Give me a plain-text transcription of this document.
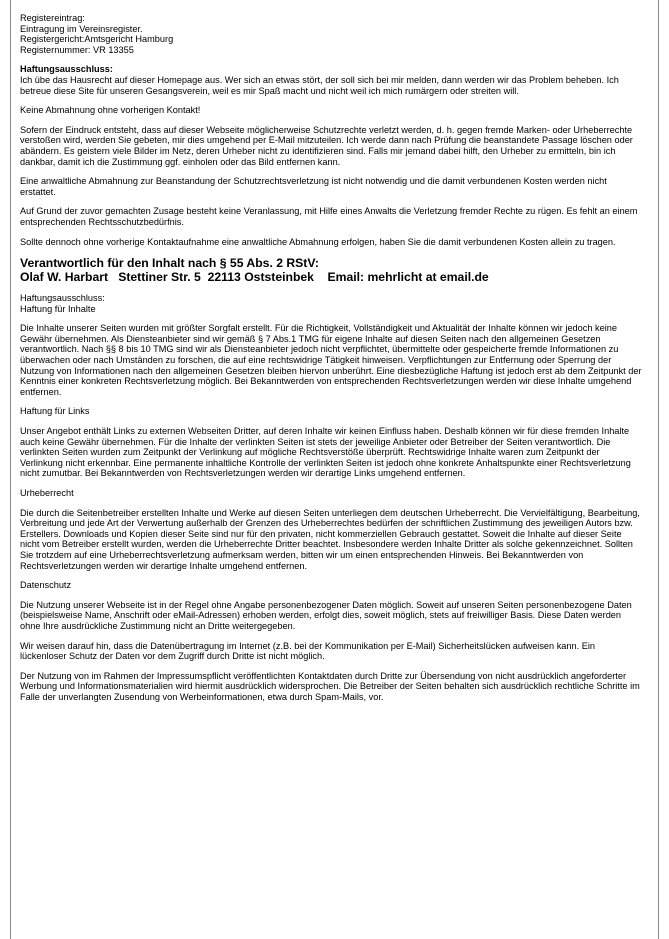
Registereintrag:
Eintragung im Vereinsregister.
Registergericht:Amtsgericht Hamburg
Registernummer: VR 13355

Haftungsausschluss:
Ich übe das Hausrecht auf dieser Homepage aus. Wer sich an etwas stört, der soll sich bei mir melden, dann werden wir das Problem beheben. Ich betreue diese Site für unseren Gesangsverein, weil es mir Spaß macht und nicht weil ich mich rumärgern oder streiten will.

Keine Abmahnung ohne vorherigen Kontakt!

Sofern der Eindruck entsteht, dass auf dieser Webseite möglicherweise Schutzrechte verletzt werden, d. h. gegen fremde Marken- oder Urheberrechte verstoßen wird, werden Sie gebeten, mir dies umgehend per E-Mail mitzuteilen. Ich werde dann nach Prüfung die beanstandete Passage löschen oder abändern. Es geistern viele Bilder im Netz, deren Urheber nicht zu identifizieren sind. Falls mir jemand dabei hilft, den Urheber zu ermitteln, bin ich dankbar, damit ich die Zustimmung ggf. einholen oder das Bild entfernen kann.

Eine anwaltliche Abmahnung zur Beanstandung der Schutzrechtsverletzung ist nicht notwendig und die damit verbundenen Kosten werden nicht erstattet.

Auf Grund der zuvor gemachten Zusage besteht keine Veranlassung, mit Hilfe eines Anwalts die Verletzung fremder Rechte zu rügen. Es fehlt an einem entsprechenden Rechtsschutzbedürfnis.

Sollte dennoch ohne vorherige Kontaktaufnahme eine anwaltliche Abmahnung erfolgen, haben Sie die damit verbundenen Kosten allein zu tragen.

Verantwortlich für den Inhalt nach § 55 Abs. 2 RStV:
Olaf W. Harbart   Stettiner Str. 5  22113 Oststeinbek    Email: mehrlicht at email.de

Haftungsausschluss:
Haftung für Inhalte

Die Inhalte unserer Seiten wurden mit größter Sorgfalt erstellt. Für die Richtigkeit, Vollständigkeit und Aktualität der Inhalte können wir jedoch keine Gewähr übernehmen. Als Diensteanbieter sind wir gemäß § 7 Abs.1 TMG für eigene Inhalte auf diesen Seiten nach den allgemeinen Gesetzen verantwortlich. Nach §§ 8 bis 10 TMG sind wir als Diensteanbieter jedoch nicht verpflichtet, übermittelte oder gespeicherte fremde Informationen zu überwachen oder nach Umständen zu forschen, die auf eine rechtswidrige Tätigkeit hinweisen. Verpflichtungen zur Entfernung oder Sperrung der Nutzung von Informationen nach den allgemeinen Gesetzen bleiben hiervon unberührt. Eine diesbezügliche Haftung ist jedoch erst ab dem Zeitpunkt der Kenntnis einer konkreten Rechtsverletzung möglich. Bei Bekanntwerden von entsprechenden Rechtsverletzungen werden wir diese Inhalte umgehend entfernen.

Haftung für Links

Unser Angebot enthält Links zu externen Webseiten Dritter, auf deren Inhalte wir keinen Einfluss haben. Deshalb können wir für diese fremden Inhalte auch keine Gewähr übernehmen. Für die Inhalte der verlinkten Seiten ist stets der jeweilige Anbieter oder Betreiber der Seiten verantwortlich. Die verlinkten Seiten wurden zum Zeitpunkt der Verlinkung auf mögliche Rechtsverstöße überprüft. Rechtswidrige Inhalte waren zum Zeitpunkt der Verlinkung nicht erkennbar. Eine permanente inhaltliche Kontrolle der verlinkten Seiten ist jedoch ohne konkrete Anhaltspunkte einer Rechtsverletzung nicht zumutbar. Bei Bekanntwerden von Rechtsverletzungen werden wir derartige Links umgehend entfernen.

Urheberrecht

Die durch die Seitenbetreiber erstellten Inhalte und Werke auf diesen Seiten unterliegen dem deutschen Urheberrecht. Die Vervielfältigung, Bearbeitung, Verbreitung und jede Art der Verwertung außerhalb der Grenzen des Urheberrechtes bedürfen der schriftlichen Zustimmung des jeweiligen Autors bzw. Erstellers. Downloads und Kopien dieser Seite sind nur für den privaten, nicht kommerziellen Gebrauch gestattet. Soweit die Inhalte auf dieser Seite nicht vom Betreiber erstellt wurden, werden die Urheberrechte Dritter beachtet. Insbesondere werden Inhalte Dritter als solche gekennzeichnet. Sollten Sie trotzdem auf eine Urheberrechtsverletzung aufmerksam werden, bitten wir um einen entsprechenden Hinweis. Bei Bekanntwerden von Rechtsverletzungen werden wir derartige Inhalte umgehend entfernen.

Datenschutz

Die Nutzung unserer Webseite ist in der Regel ohne Angabe personenbezogener Daten möglich. Soweit auf unseren Seiten personenbezogene Daten (beispielsweise Name, Anschrift oder eMail-Adressen) erhoben werden, erfolgt dies, soweit möglich, stets auf freiwilliger Basis. Diese Daten werden ohne Ihre ausdrückliche Zustimmung nicht an Dritte weitergegeben.

Wir weisen darauf hin, dass die Datenübertragung im Internet (z.B. bei der Kommunikation per E-Mail) Sicherheitslücken aufweisen kann. Ein lückenloser Schutz der Daten vor dem Zugriff durch Dritte ist nicht möglich.

Der Nutzung von im Rahmen der Impressumspflicht veröffentlichten Kontaktdaten durch Dritte zur Übersendung von nicht ausdrücklich angeforderter Werbung und Informationsmaterialien wird hiermit ausdrücklich widersprochen. Die Betreiber der Seiten behalten sich ausdrücklich rechtliche Schritte im Falle der unverlangten Zusendung von Werbeinformationen, etwa durch Spam-Mails, vor.
